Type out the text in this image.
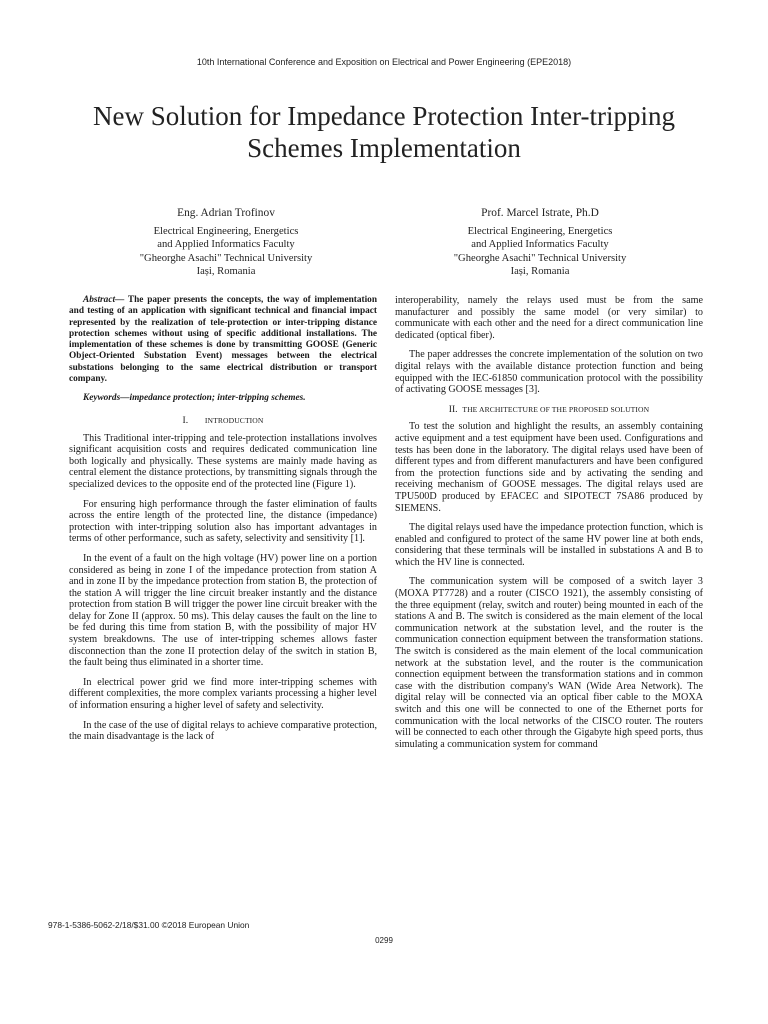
10th International Conference and Exposition on Electrical and Power Engineering (EPE2018)
New Solution for Impedance Protection Inter-tripping
Schemes Implementation
Eng. Adrian Trofinov
Electrical Engineering, Energetics
and Applied Informatics Faculty
"Gheorghe Asachi" Technical University
Iași, Romania
Prof. Marcel Istrate, Ph.D
Electrical Engineering, Energetics
and Applied Informatics Faculty
"Gheorghe Asachi" Technical University
Iași, Romania

Abstract— The paper presents the concepts, the way of implementation and testing of an application with significant technical and financial impact represented by the realization of tele-protection or inter-tripping distance protection schemes without using of specific additional installations. The implementation of these schemes is done by transmitting GOOSE (Generic Object-Oriented Substation Event) messages between the electrical substations belonging to the same electrical distribution or transport company.

Keywords—impedance protection; inter-tripping schemes.

I. INTRODUCTION

This Traditional inter-tripping and tele-protection installations involves significant acquisition costs and requires dedicated communication line both logically and physically. These systems are mainly made having as central element the distance protections, by transmitting signals through the specialized devices to the opposite end of the protected line (Figure 1).

For ensuring high performance through the faster elimination of faults across the entire length of the protected line, the distance (impedance) protection with inter-tripping solution also has important advantages in terms of other performance, such as safety, selectivity and sensitivity [1].

In the event of a fault on the high voltage (HV) power line on a portion considered as being in zone I of the impedance protection from station A and in zone II by the impedance protection from station B, the protection of the station A will trigger the line circuit breaker instantly and the distance protection from station B will trigger the power line circuit breaker with the delay for Zone II (approx. 50 ms). This delay causes the fault on the line to be fed during this time from station B, with the possibility of major HV system breakdowns. The use of inter-tripping schemes allows faster disconnection than the zone II protection delay of the switch in station B, the fault being thus eliminated in a shorter time.

In electrical power grid we find more inter-tripping schemes with different complexities, the more complex variants processing a higher level of information ensuring a higher level of safety and selectivity.

In the case of the use of digital relays to achieve comparative protection, the main disadvantage is the lack of

interoperability, namely the relays used must be from the same manufacturer and possibly the same model (or very similar) to communicate with each other and the need for a direct communication line dedicated (optical fiber).

The paper addresses the concrete implementation of the solution on two digital relays with the available distance protection function and being equipped with the IEC-61850 communication protocol with the possibility of activating GOOSE messages [3].

II. THE ARCHITECTURE OF THE PROPOSED SOLUTION

To test the solution and highlight the results, an assembly containing active equipment and a test equipment have been used. Configurations and tests has been done in the laboratory. The digital relays used have been of different types and from different manufacturers and have been configured from the protection functions side and by activating the sending and receiving mechanism of GOOSE messages. The digital relays used are TPU500D produced by EFACEC and SIPOTECT 7SA86 produced by SIEMENS.

The digital relays used have the impedance protection function, which is enabled and configured to protect of the same HV power line at both ends, considering that these terminals will be installed in substations A and B to which the HV line is connected.

The communication system will be composed of a switch layer 3 (MOXA PT7728) and a router (CISCO 1921), the assembly consisting of the three equipment (relay, switch and router) being mounted in each of the stations A and B. The switch is considered as the main element of the local communication network at the substation level, and the router is the communication connection equipment between the transformation stations. The switch is considered as the main element of the local communication network at the substation level, and the router is the communication connection equipment between the transformation stations and in common case with the distribution company's WAN (Wide Area Network). The digital relay will be connected via an optical fiber cable to the MOXA switch and this one will be connected to one of the Ethernet ports for communication with the local networks of the CISCO router. The routers will be connected to each other through the Gigabyte high speed ports, thus simulating a communication system for command

978-1-5386-5062-2/18/$31.00 ©2018 European Union
0299
